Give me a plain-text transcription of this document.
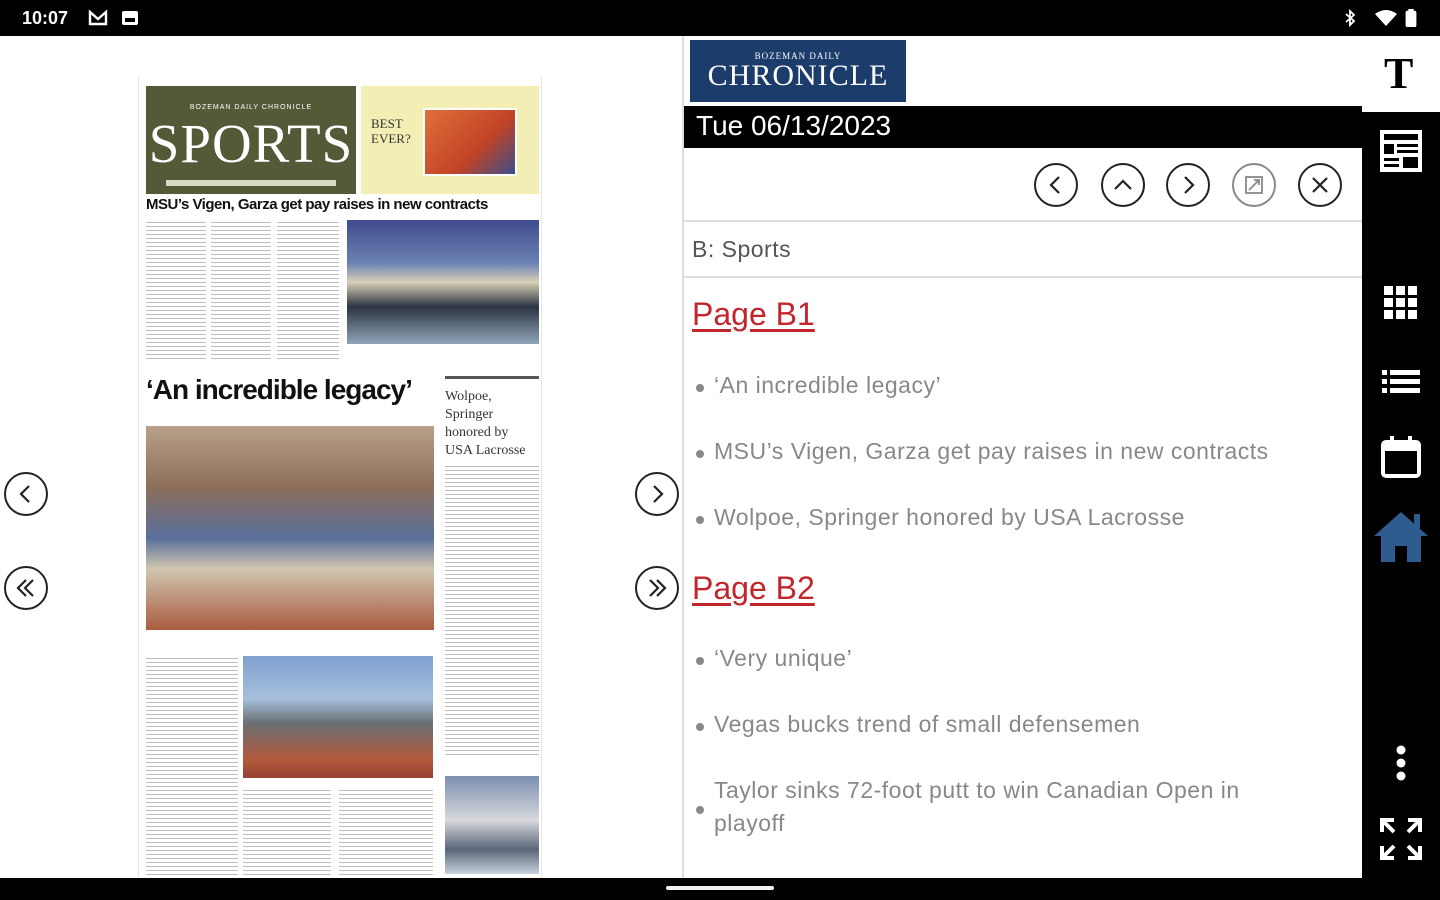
10:07
BOZEMAN DAILY CHRONICLE
SPORTS BEST EVER?
MSU’s Vigen, Garza get pay raises in new contracts
‘An incredible legacy’ Wolpoe, Springer honored by USA Lacrosse
BOZEMAN DAILY
CHRONICLE
Tue 06/13/2023
B: Sports
Page B1
‘An incredible legacy’
MSU’s Vigen, Garza get pay raises in new contracts
Wolpoe, Springer honored by USA Lacrosse
Page B2
‘Very unique’
Vegas bucks trend of small defensemen
Taylor sinks 72-foot putt to win Canadian Open in playoff
T
